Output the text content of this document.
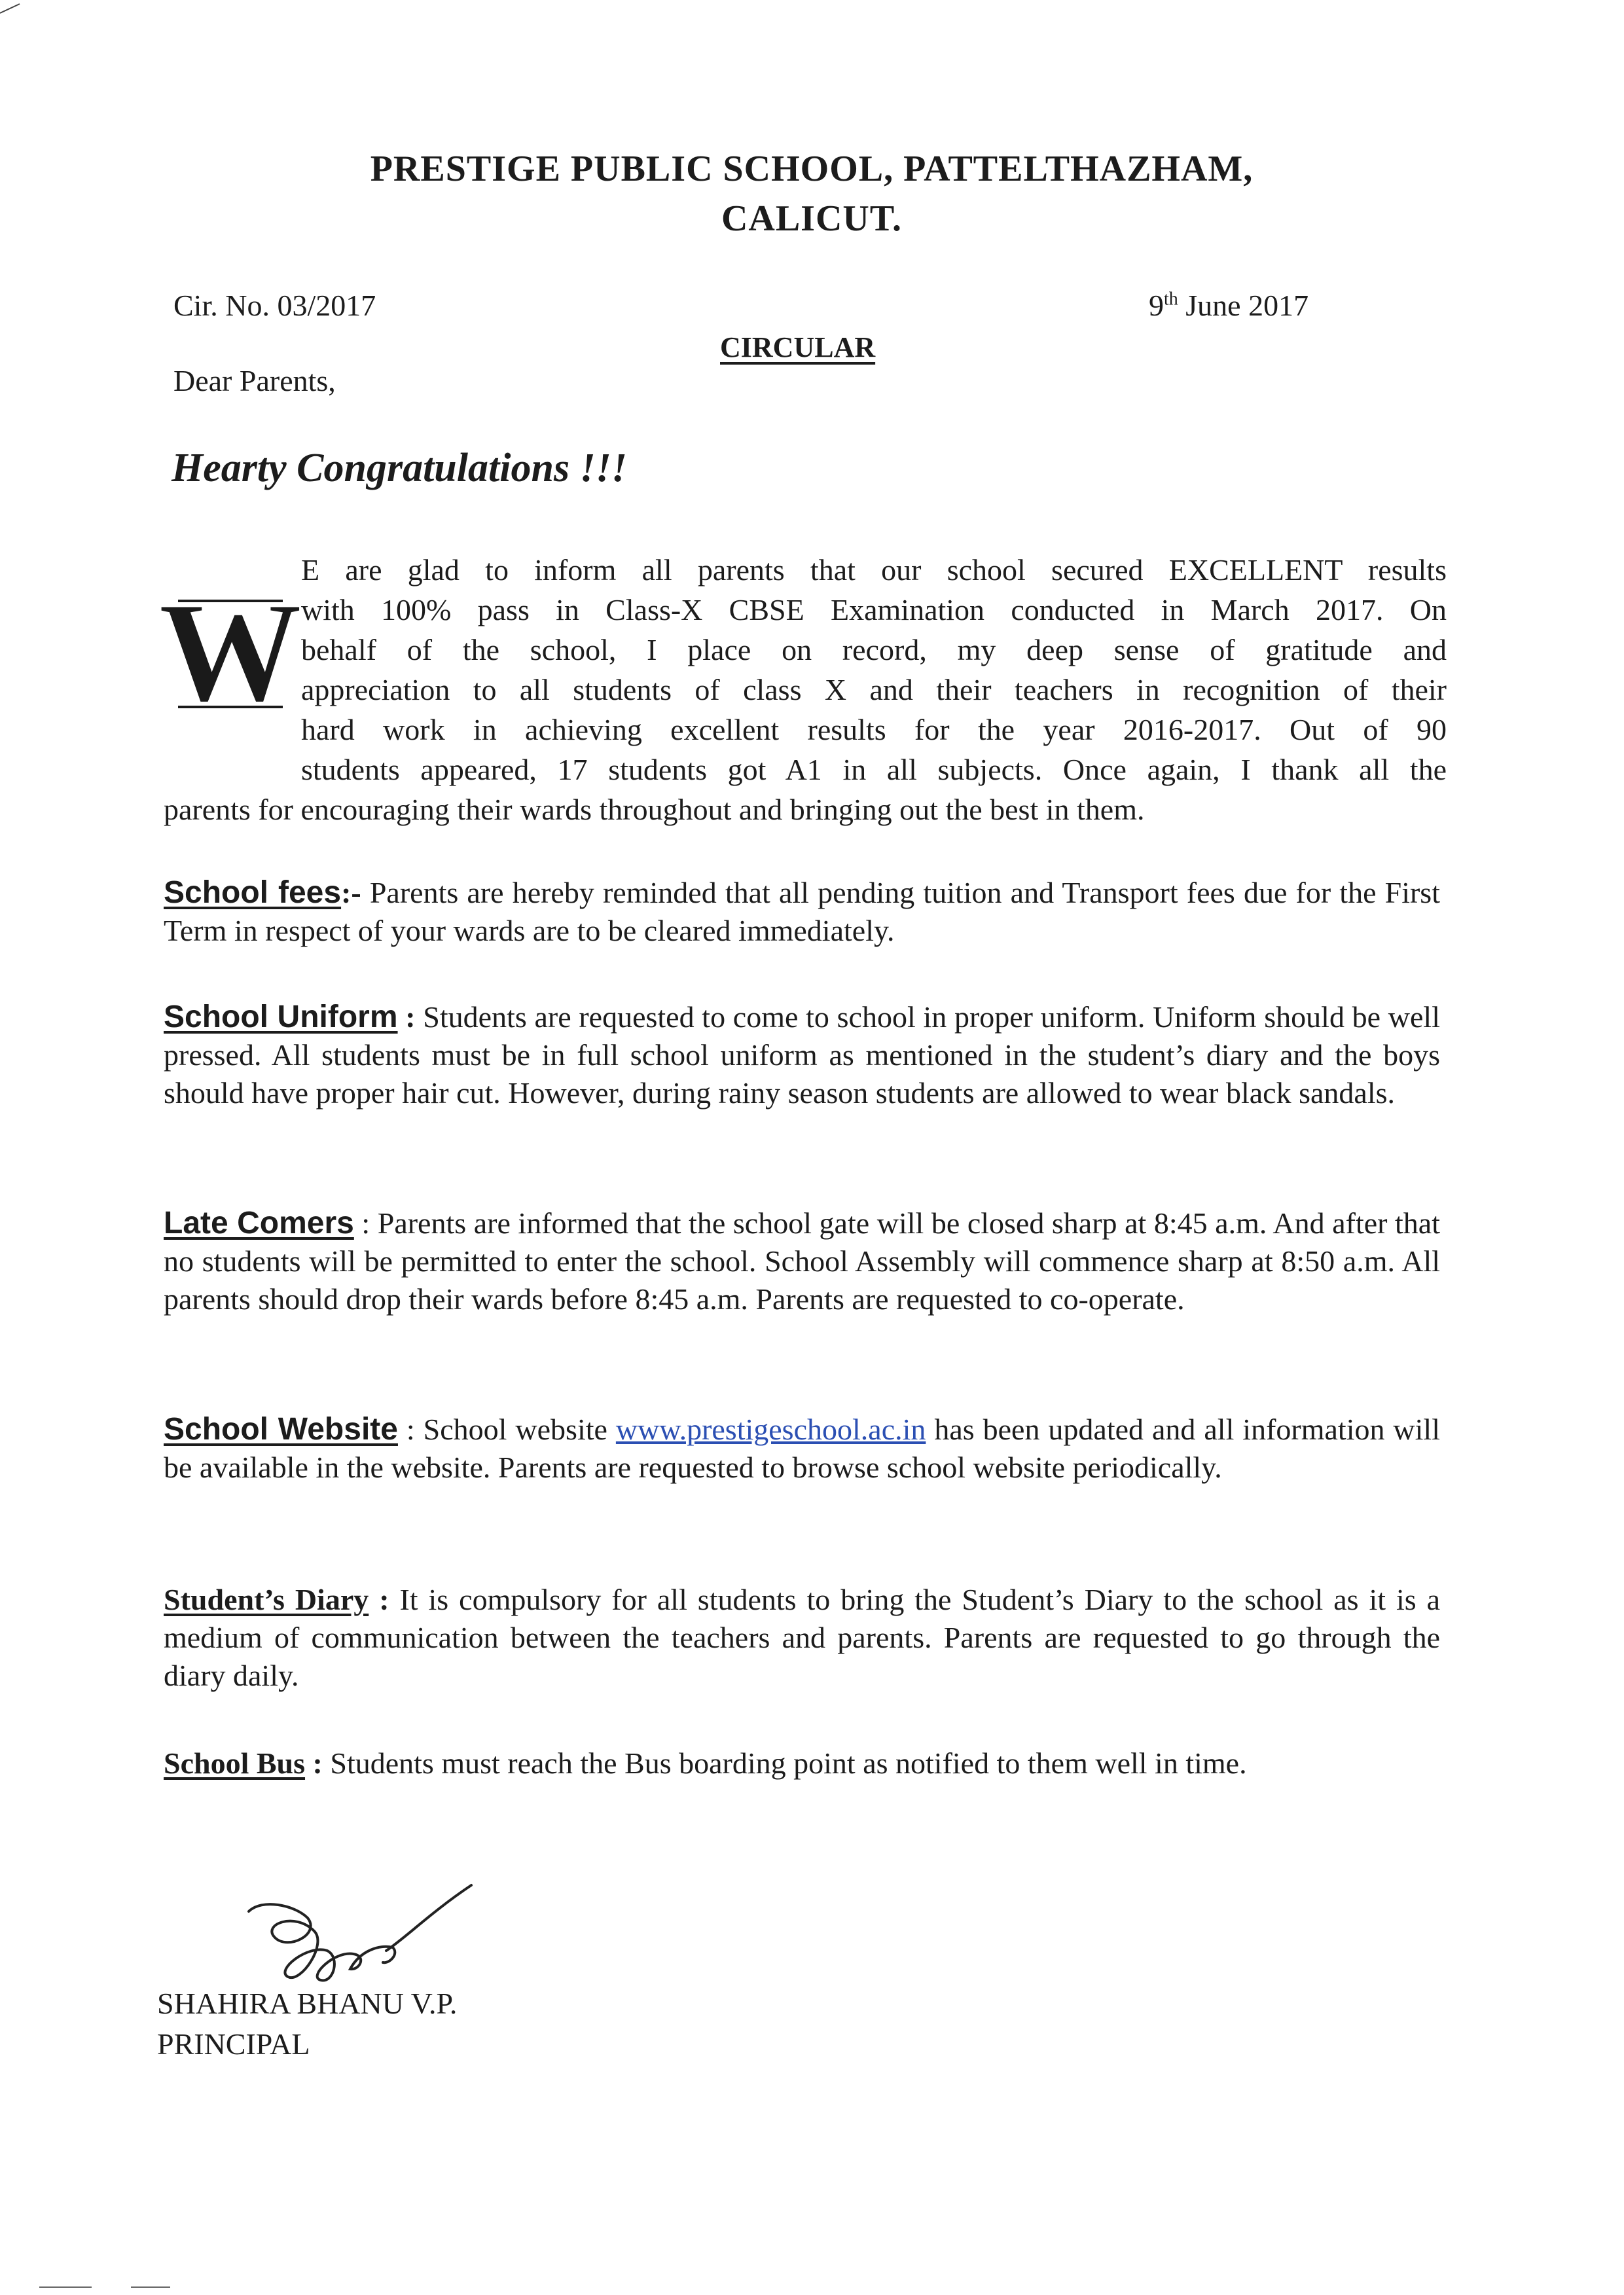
PRESTIGE PUBLIC SCHOOL, PATTELTHAZHAM,
CALICUT.
Cir. No. 03/2017	9th June 2017
CIRCULAR
Dear Parents,
Hearty Congratulations !!!
W
E are glad to inform all parents that our school secured EXCELLENT results
with 100% pass in Class-X CBSE Examination conducted in March 2017. On
behalf of the school, I place on record, my deep sense of gratitude and
appreciation to all students of class X and their teachers in recognition of their
hard work in achieving excellent results for the year 2016-2017. Out of 90
students appeared, 17 students got A1 in all subjects. Once again, I thank all the
parents for encouraging their wards throughout and bringing out the best in them.
School fees:- Parents are hereby reminded that all pending tuition and Transport fees due for the First Term in respect of your wards are to be cleared immediately.
School Uniform : Students are requested to come to school in proper uniform. Uniform should be well pressed. All students must be in full school uniform as mentioned in the student’s diary and the boys should have proper hair cut. However, during rainy season students are allowed to wear black sandals.
Late Comers : Parents are informed that the school gate will be closed sharp at 8:45 a.m. And after that no students will be permitted to enter the school. School Assembly will commence sharp at 8:50 a.m. All parents should drop their wards before 8:45 a.m. Parents are requested to co-operate.
School Website : School website www.prestigeschool.ac.in has been updated and all information will be available in the website. Parents are requested to browse school website periodically.
Student’s Diary : It is compulsory for all students to bring the Student’s Diary to the school as it is a medium of communication between the teachers and parents. Parents are requested to go through the diary daily.
School Bus : Students must reach the Bus boarding point as notified to them well in time.
SHAHIRA BHANU V.P.
PRINCIPAL
